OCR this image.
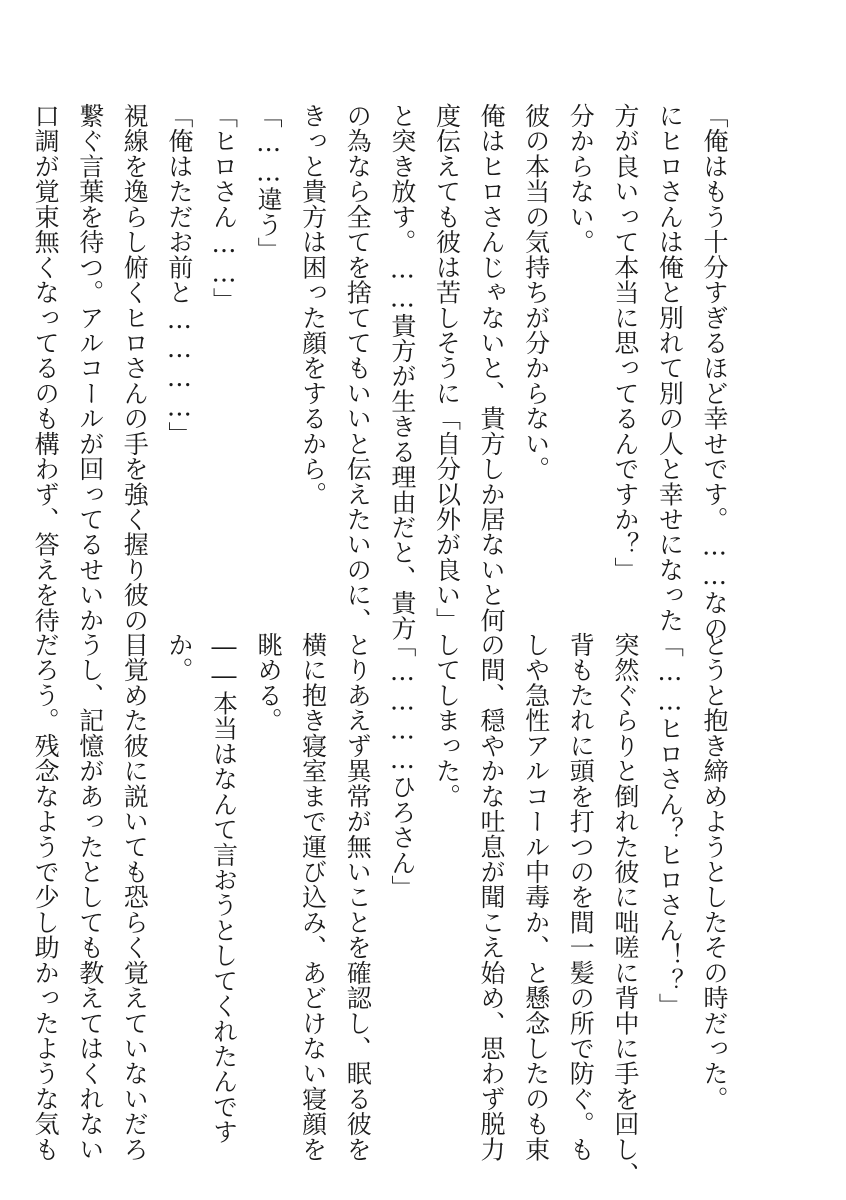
「俺はもう十分すぎるほど幸せです。……なの
にヒロさんは俺と別れて別の人と幸せになった
方が良いって本当に思ってるんですか？」
分からない。
彼の本当の気持ちが分からない。
俺はヒロさんじゃないと、貴方しか居ないと何
度伝えても彼は苦しそうに「自分以外が良い」
と突き放す。……貴方が生きる理由だと、貴方
の為なら全てを捨ててもいいと伝えたいのに、
きっと貴方は困った顔をするから。
「……違う」
「ヒロさん……」
「俺はただお前と…………」
視線を逸らし俯くヒロさんの手を強く握り彼の
繋ぐ言葉を待つ。アルコールが回ってるせいか
口調が覚束無くなってるのも構わず、答えを待
とうと抱き締めようとしたその時だった。
「……ヒロさん？ヒロさん！？」
突然ぐらりと倒れた彼に咄嗟に背中に手を回し、
背もたれに頭を打つのを間一髪の所で防ぐ。も
しや急性アルコール中毒か、と懸念したのも束
の間、穏やかな吐息が聞こえ始め、思わず脱力
してしまった。
「…………ひろさん」
とりあえず異常が無いことを確認し、眠る彼を
横に抱き寝室まで運び込み、あどけない寝顔を
眺める。
――本当はなんて言おうとしてくれたんです
か。
目覚めた彼に説いても恐らく覚えていないだろ
うし、記憶があったとしても教えてはくれない
だろう。残念なようで少し助かったような気も
